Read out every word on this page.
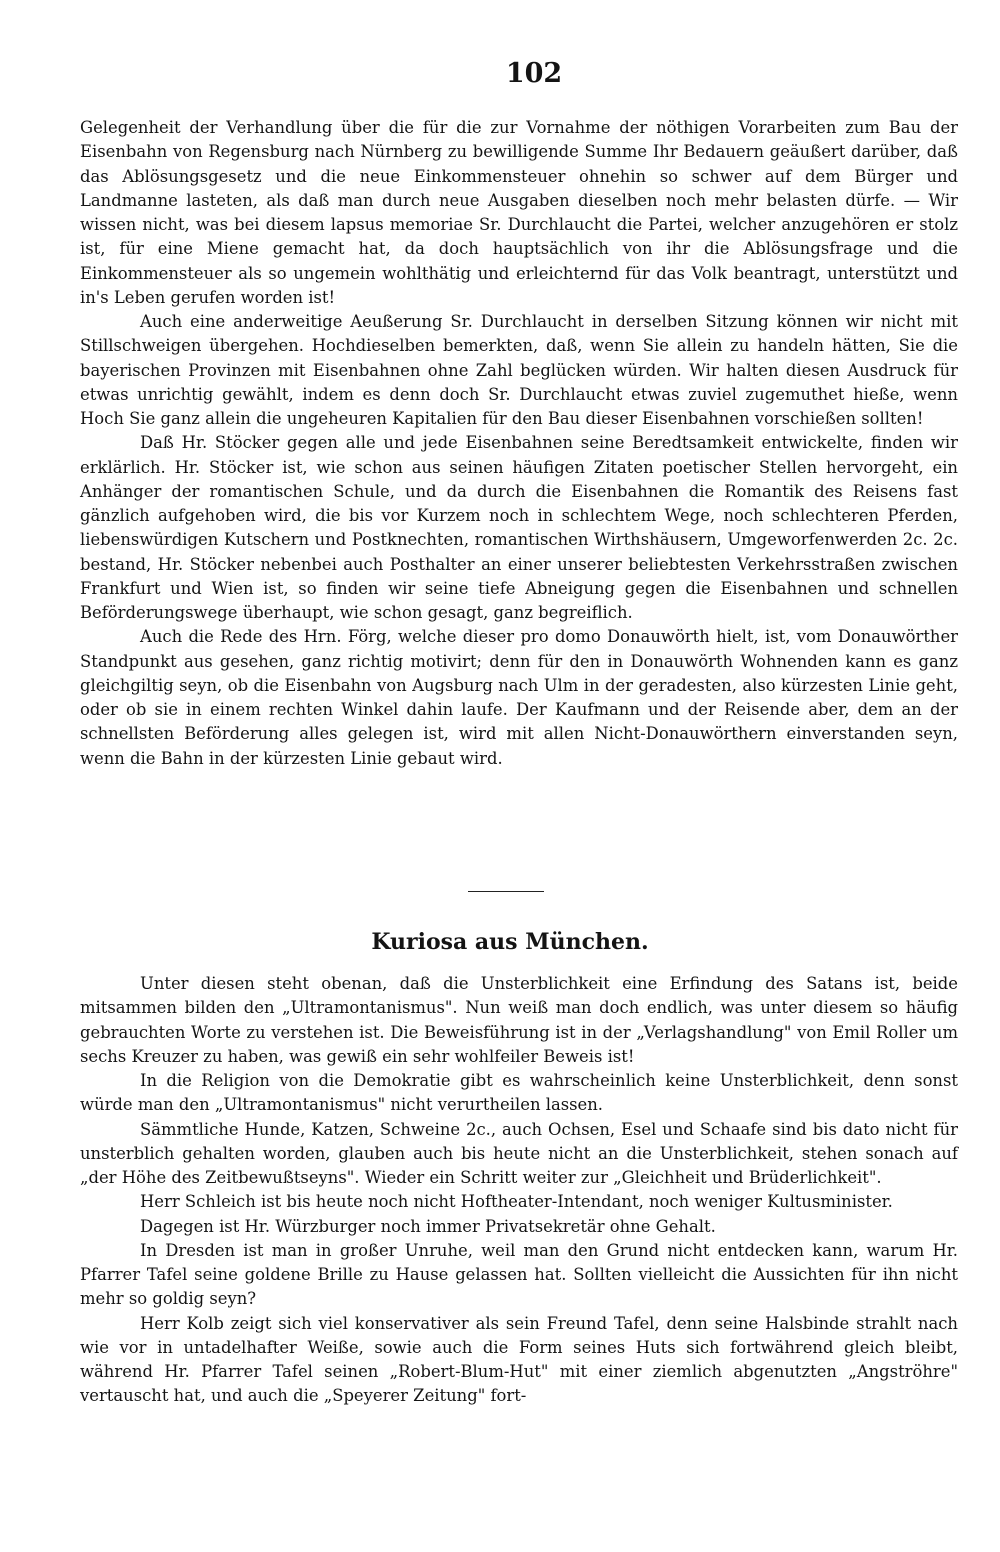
102

Gelegenheit der Verhandlung über die für die zur Vornahme der nöthigen Vorarbeiten zum Bau der Eisenbahn von Regensburg nach Nürnberg zu bewilligende Summe Ihr Bedauern geäußert darüber, daß das Ablösungsgesetz und die neue Einkommensteuer ohnehin so schwer auf dem Bürger und Landmanne lasteten, als daß man durch neue Ausgaben dieselben noch mehr belasten dürfe. — Wir wissen nicht, was bei diesem lapsus memoriae Sr. Durchlaucht die Partei, welcher anzugehören er stolz ist, für eine Miene gemacht hat, da doch hauptsächlich von ihr die Ablösungsfrage und die Einkommensteuer als so ungemein wohlthätig und erleichternd für das Volk beantragt, unterstützt und in's Leben gerufen worden ist!

Auch eine anderweitige Aeußerung Sr. Durchlaucht in derselben Sitzung können wir nicht mit Stillschweigen übergehen. Hochdieselben bemerkten, daß, wenn Sie allein zu handeln hätten, Sie die bayerischen Provinzen mit Eisenbahnen ohne Zahl beglücken würden. Wir halten diesen Ausdruck für etwas unrichtig gewählt, indem es denn doch Sr. Durchlaucht etwas zuviel zugemuthet hieße, wenn Hoch Sie ganz allein die ungeheuren Kapitalien für den Bau dieser Eisenbahnen vorschießen sollten!

Daß Hr. Stöcker gegen alle und jede Eisenbahnen seine Beredtsamkeit entwickelte, finden wir erklärlich. Hr. Stöcker ist, wie schon aus seinen häufigen Zitaten poetischer Stellen hervorgeht, ein Anhänger der romantischen Schule, und da durch die Eisenbahnen die Romantik des Reisens fast gänzlich aufgehoben wird, die bis vor Kurzem noch in schlechtem Wege, noch schlechteren Pferden, liebenswürdigen Kutschern und Postknechten, romantischen Wirthshäusern, Umgeworfenwerden 2c. 2c. bestand, Hr. Stöcker nebenbei auch Posthalter an einer unserer beliebtesten Verkehrsstraßen zwischen Frankfurt und Wien ist, so finden wir seine tiefe Abneigung gegen die Eisenbahnen und schnellen Beförderungswege überhaupt, wie schon gesagt, ganz begreiflich.

Auch die Rede des Hrn. Förg, welche dieser pro domo Donauwörth hielt, ist, vom Donauwörther Standpunkt aus gesehen, ganz richtig motivirt; denn für den in Donauwörth Wohnenden kann es ganz gleichgiltig seyn, ob die Eisenbahn von Augsburg nach Ulm in der geradesten, also kürzesten Linie geht, oder ob sie in einem rechten Winkel dahin laufe. Der Kaufmann und der Reisende aber, dem an der schnellsten Beförderung alles gelegen ist, wird mit allen Nicht-Donauwörthern einverstanden seyn, wenn die Bahn in der kürzesten Linie gebaut wird.

Kuriosa aus München.

Unter diesen steht obenan, daß die Unsterblichkeit eine Erfindung des Satans ist, beide mitsammen bilden den „Ultramontanismus". Nun weiß man doch endlich, was unter diesem so häufig gebrauchten Worte zu verstehen ist. Die Beweisführung ist in der „Verlagshandlung" von Emil Roller um sechs Kreuzer zu haben, was gewiß ein sehr wohlfeiler Beweis ist!

In die Religion von die Demokratie gibt es wahrscheinlich keine Unsterblichkeit, denn sonst würde man den „Ultramontanismus" nicht verurtheilen lassen.

Sämmtliche Hunde, Katzen, Schweine 2c., auch Ochsen, Esel und Schaafe sind bis dato nicht für unsterblich gehalten worden, glauben auch bis heute nicht an die Unsterblichkeit, stehen sonach auf „der Höhe des Zeitbewußtseyns". Wieder ein Schritt weiter zur „Gleichheit und Brüderlichkeit".

Herr Schleich ist bis heute noch nicht Hoftheater-Intendant, noch weniger Kultusminister.

Dagegen ist Hr. Würzburger noch immer Privatsekretär ohne Gehalt.

In Dresden ist man in großer Unruhe, weil man den Grund nicht entdecken kann, warum Hr. Pfarrer Tafel seine goldene Brille zu Hause gelassen hat. Sollten vielleicht die Aussichten für ihn nicht mehr so goldig seyn?

Herr Kolb zeigt sich viel konservativer als sein Freund Tafel, denn seine Halsbinde strahlt nach wie vor in untadelhafter Weiße, sowie auch die Form seines Huts sich fortwährend gleich bleibt, während Hr. Pfarrer Tafel seinen „Robert-Blum-Hut" mit einer ziemlich abgenutzten „Angströhre" vertauscht hat, und auch die „Speyerer Zeitung" fort-
